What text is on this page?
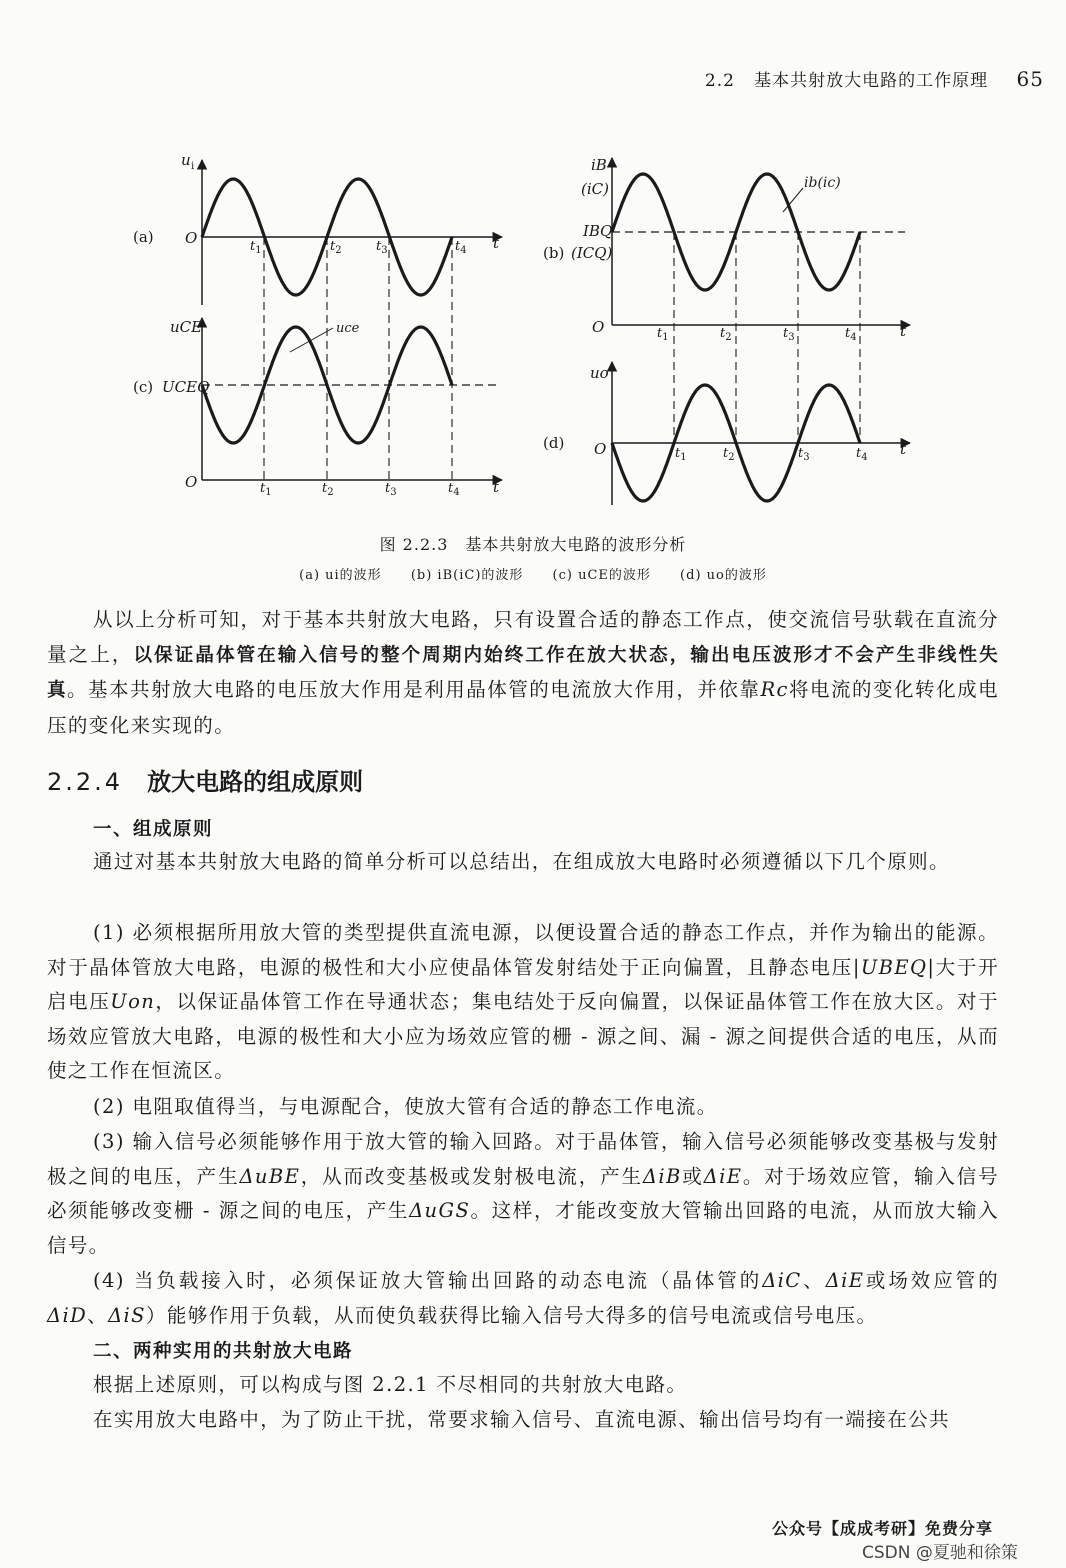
2.2 基本共射放大电路的工作原理 65
(a)
u i
O	t
$t_1$	$t_2$	$t_3$	$t_4$
(c)
uCE
UCEQ
uce
O	t
$t_1$	$t_2$	$t_3$	$t_4$
iB
(iC)	ib(ic)
IBQ
(b) (ICQ)
O	t
$t_1$	$t_2$	$t_3$	$t_4$
uo
(d) O	t
$t_1$	$t_2$	$t_3$	$t_4$
图 2.2.3　基本共射放大电路的波形分析
(a) ui的波形 (b) iB(iC)的波形 (c) uCE的波形 (d) uo的波形
从以上分析可知，对于基本共射放大电路，只有设置合适的静态工作点，使交流信号驮载在直流分量之上，以保证晶体管在输入信号的整个周期内始终工作在放大状态，输出电压波形才不会产生非线性失真。基本共射放大电路的电压放大作用是利用晶体管的电流放大作用，并依靠Rc将电流的变化转化成电压的变化来实现的。
2.2.4 放大电路的组成原则
一、组成原则
通过对基本共射放大电路的简单分析可以总结出，在组成放大电路时必须遵循以下几个原则。
(1) 必须根据所用放大管的类型提供直流电源，以便设置合适的静态工作点，并作为输出的能源。对于晶体管放大电路，电源的极性和大小应使晶体管发射结处于正向偏置，且静态电压|UBEQ|大于开启电压Uon，以保证晶体管工作在导通状态；集电结处于反向偏置，以保证晶体管工作在放大区。对于场效应管放大电路，电源的极性和大小应为场效应管的栅 - 源之间、漏 - 源之间提供合适的电压，从而使之工作在恒流区。
(2) 电阻取值得当，与电源配合，使放大管有合适的静态工作电流。
(3) 输入信号必须能够作用于放大管的输入回路。对于晶体管，输入信号必须能够改变基极与发射极之间的电压，产生ΔuBE，从而改变基极或发射极电流，产生ΔiB或ΔiE。对于场效应管，输入信号必须能够改变栅 - 源之间的电压，产生ΔuGS。这样，才能改变放大管输出回路的电流，从而放大输入信号。
(4) 当负载接入时，必须保证放大管输出回路的动态电流（晶体管的ΔiC、ΔiE或场效应管的ΔiD、ΔiS）能够作用于负载，从而使负载获得比输入信号大得多的信号电流或信号电压。
二、两种实用的共射放大电路
根据上述原则，可以构成与图 2.2.1 不尽相同的共射放大电路。
在实用放大电路中，为了防止干扰，常要求输入信号、直流电源、输出信号均有一端接在公共
公众号【成成考研】免费分享
CSDN @夏驰和徐策
